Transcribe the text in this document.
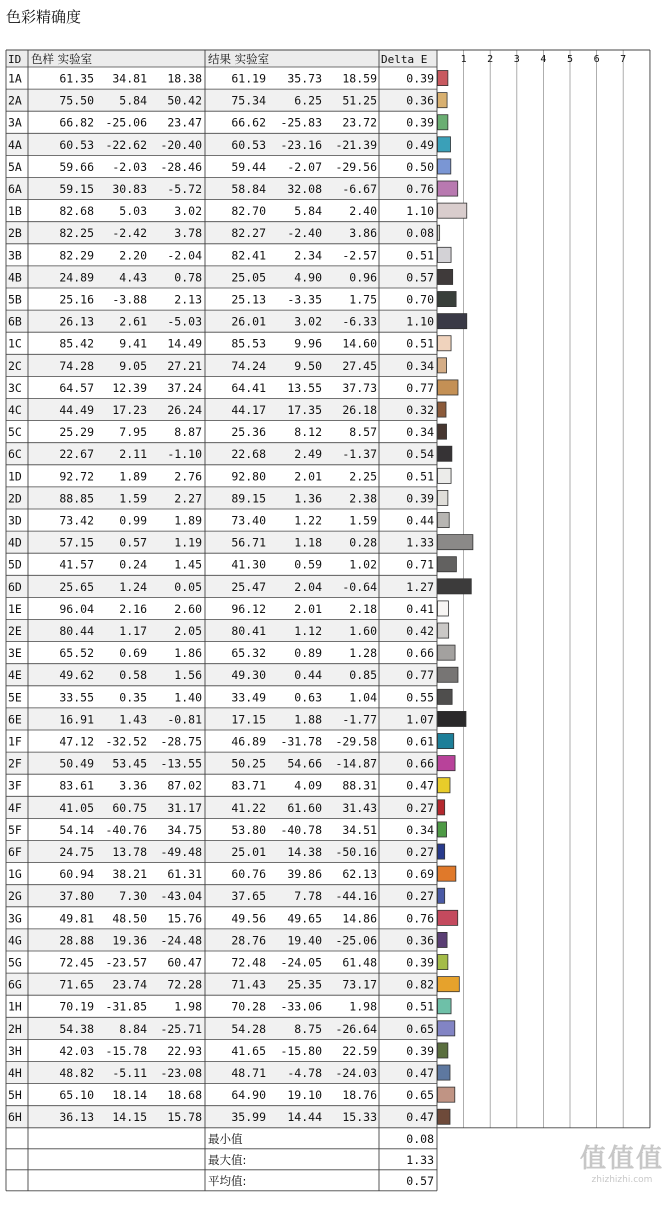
色彩精确度
1 2 3 4 5 6 7
ID 色样 实验室	结果 实验室	Delta E
1A	61.35 34.81 18.38	61.19 35.73 18.59	0.39
2A	75.50 5.84 50.42	75.34 6.25 51.25	0.36
3A	66.82 -25.06 23.47	66.62 -25.83 23.72	0.39
4A	60.53 -22.62 -20.40	60.53 -23.16 -21.39	0.49
5A	59.66 -2.03 -28.46	59.44 -2.07 -29.56	0.50
6A	59.15 30.83 -5.72	58.84 32.08 -6.67	0.76
1B	82.68 5.03 3.02	82.70 5.84 2.40	1.10
2B	82.25 -2.42 3.78	82.27 -2.40 3.86	0.08
3B	82.29 2.20 -2.04	82.41 2.34 -2.57	0.51
4B	24.89 4.43 0.78	25.05 4.90 0.96	0.57
5B	25.16 -3.88 2.13	25.13 -3.35 1.75	0.70
6B	26.13 2.61 -5.03	26.01 3.02 -6.33	1.10
1C	85.42 9.41 14.49	85.53 9.96 14.60	0.51
2C	74.28 9.05 27.21	74.24 9.50 27.45	0.34
3C	64.57 12.39 37.24	64.41 13.55 37.73	0.77
4C	44.49 17.23 26.24	44.17 17.35 26.18	0.32
5C	25.29 7.95 8.87	25.36 8.12 8.57	0.34
6C	22.67 2.11 -1.10	22.68 2.49 -1.37	0.54
1D	92.72 1.89 2.76	92.80 2.01 2.25	0.51
2D	88.85 1.59 2.27	89.15 1.36 2.38	0.39
3D	73.42 0.99 1.89	73.40 1.22 1.59	0.44
4D	57.15 0.57 1.19	56.71 1.18 0.28	1.33
5D	41.57 0.24 1.45	41.30 0.59 1.02	0.71
6D	25.65 1.24 0.05	25.47 2.04 -0.64	1.27
1E	96.04 2.16 2.60	96.12 2.01 2.18	0.41
2E	80.44 1.17 2.05	80.41 1.12 1.60	0.42
3E	65.52 0.69 1.86	65.32 0.89 1.28	0.66
4E	49.62 0.58 1.56	49.30 0.44 0.85	0.77
5E	33.55 0.35 1.40	33.49 0.63 1.04	0.55
6E	16.91 1.43 -0.81	17.15 1.88 -1.77	1.07
1F	47.12 -32.52 -28.75	46.89 -31.78 -29.58	0.61
2F	50.49 53.45 -13.55	50.25 54.66 -14.87	0.66
3F	83.61 3.36 87.02	83.71 4.09 88.31	0.47
4F	41.05 60.75 31.17	41.22 61.60 31.43	0.27
5F	54.14 -40.76 34.75	53.80 -40.78 34.51	0.34
6F	24.75 13.78 -49.48	25.01 14.38 -50.16	0.27
1G	60.94 38.21 61.31	60.76 39.86 62.13	0.69
2G	37.80 7.30 -43.04	37.65 7.78 -44.16	0.27
3G	49.81 48.50 15.76	49.56 49.65 14.86	0.76
4G	28.88 19.36 -24.48	28.76 19.40 -25.06	0.36
5G	72.45 -23.57 60.47	72.48 -24.05 61.48	0.39
6G	71.65 23.74 72.28	71.43 25.35 73.17	0.82
1H	70.19 -31.85 1.98	70.28 -33.06 1.98	0.51
2H	54.38 8.84 -25.71	54.28 8.75 -26.64	0.65
3H	42.03 -15.78 22.93	41.65 -15.80 22.59	0.39
4H	48.82 -5.11 -23.08	48.71 -4.78 -24.03	0.47
5H	65.10 18.14 18.68	64.90 19.10 18.76	0.65
6H	36.13 14.15 15.78	35.99 14.44 15.33	0.47
最小值	0.08
最大值:	1.33
平均值:	0.57
值值值
zhizhizhi.com
